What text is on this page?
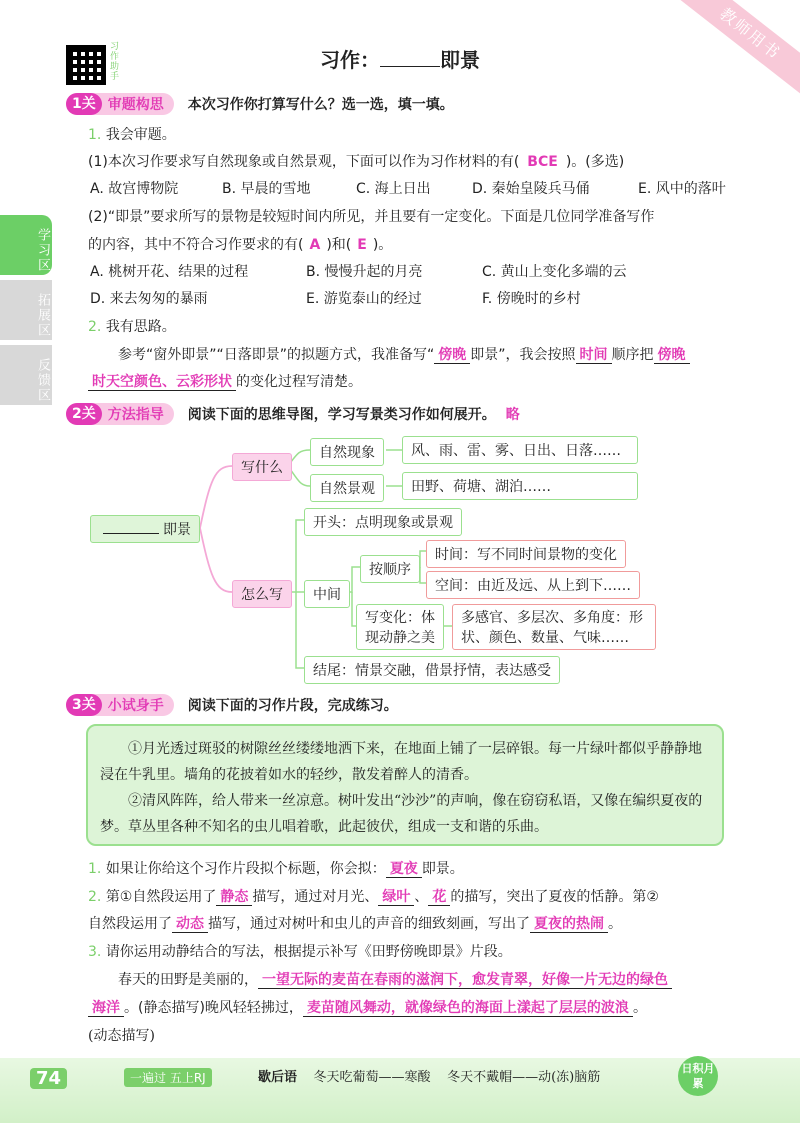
教师用书
习作助手
习作：	即景
学习区
拓展区
反馈区
1关 审题构思 本次习作你打算写什么？选一选，填一填。
1. 我会审题。
(1)本次习作要求写自然现象或自然景观，下面可以作为习作材料的有( BCE )。(多选)
A. 故宫博物院	B. 早晨的雪地	C. 海上日出	D. 秦始皇陵兵马俑	E. 风中的落叶
(2)“即景”要求所写的景物是较短时间内所见，并且要有一定变化。下面是几位同学准备写作
的内容，其中不符合习作要求的有( A )和( E )。
A. 桃树开花、结果的过程	B. 慢慢升起的月亮	C. 黄山上变化多端的云
D. 来去匆匆的暴雨	E. 游览泰山的经过	F. 傍晚时的乡村
2. 我有思路。
参考“窗外即景”“日落即景”的拟题方式，我准备写“ 傍晚 即景”，我会按照 时间 顺序把 傍晚
时天空颜色、云彩形状 的变化过程写清楚。
2关 方法指导 阅读下面的思维导图，学习写景类习作如何展开。 略
即景
写什么
怎么写
自然现象	风、雨、雷、雾、日出、日落……
自然景观	田野、荷塘、湖泊……
开头：点明现象或景观
中间
按顺序
时间：写不同时间景物的变化
空间：由近及远、从上到下……
写变化：体现动静之美
多感官、多层次、多角度：形状、颜色、数量、气味……
结尾：情景交融，借景抒情，表达感受
3关 小试身手 阅读下面的习作片段，完成练习。

①月光透过斑驳的树隙丝丝缕缕地洒下来，在地面上铺了一层碎银。每一片绿叶都似乎静静地浸在牛乳里。墙角的花披着如水的轻纱，散发着醉人的清香。

②清风阵阵，给人带来一丝凉意。树叶发出“沙沙”的声响，像在窃窃私语，又像在编织夏夜的梦。草丛里各种不知名的虫儿唱着歌，此起彼伏，组成一支和谐的乐曲。

1. 如果让你给这个习作片段拟个标题，你会拟： 夏夜 即景。
2. 第①自然段运用了 静态 描写，通过对月光、 绿叶 、 花 的描写，突出了夏夜的恬静。第②
自然段运用了 动态 描写，通过对树叶和虫儿的声音的细致刻画，写出了 夏夜的热闹 。
3. 请你运用动静结合的写法，根据提示补写《田野傍晚即景》片段。
春天的田野是美丽的， 一望无际的麦苗在春雨的滋润下，愈发青翠，好像一片无边的绿色
海洋 。(静态描写)晚风轻轻拂过， 麦苗随风舞动，就像绿色的海面上漾起了层层的波浪 。
(动态描写)
74	一遍过 五上RJ	歇后语 冬天吃葡萄——寒酸 冬天不戴帽——动(冻)脑筋
日积月累
